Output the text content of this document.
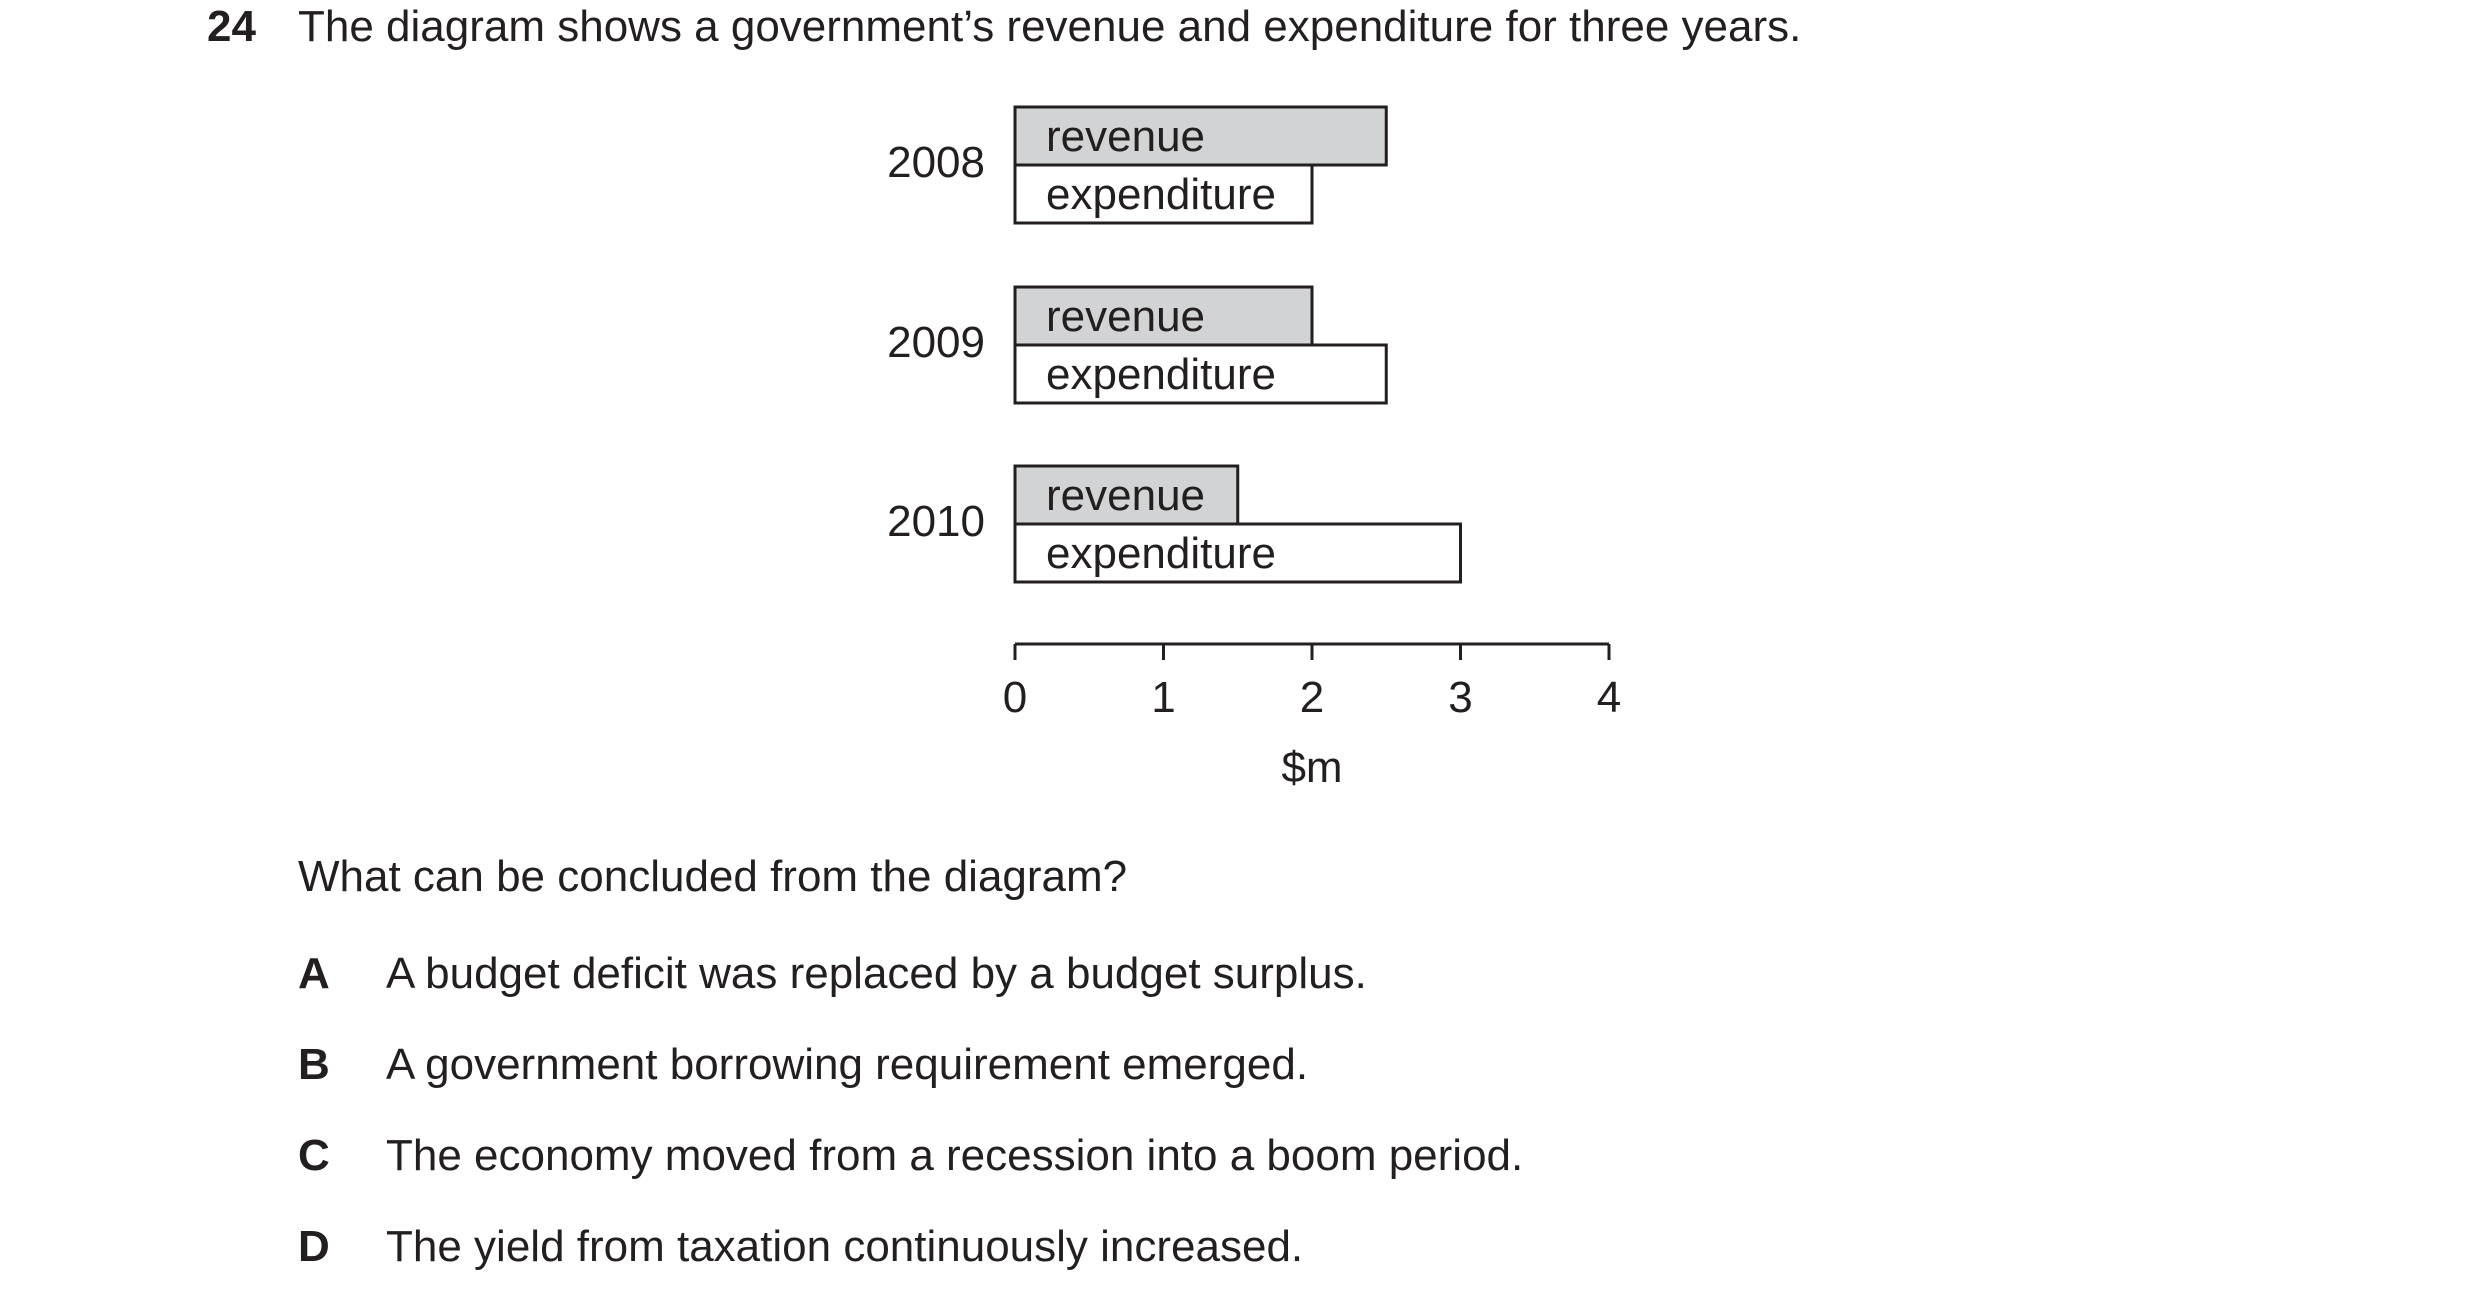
24 The diagram shows a government’s revenue and expenditure for three years.
2008
revenue
expenditure
2009
revenue
expenditure
2010
revenue
expenditure
0	1	2	3	4
$m
What can be concluded from the diagram?
A A budget deficit was replaced by a budget surplus.
B A government borrowing requirement emerged.
C The economy moved from a recession into a boom period.
D The yield from taxation continuously increased.
